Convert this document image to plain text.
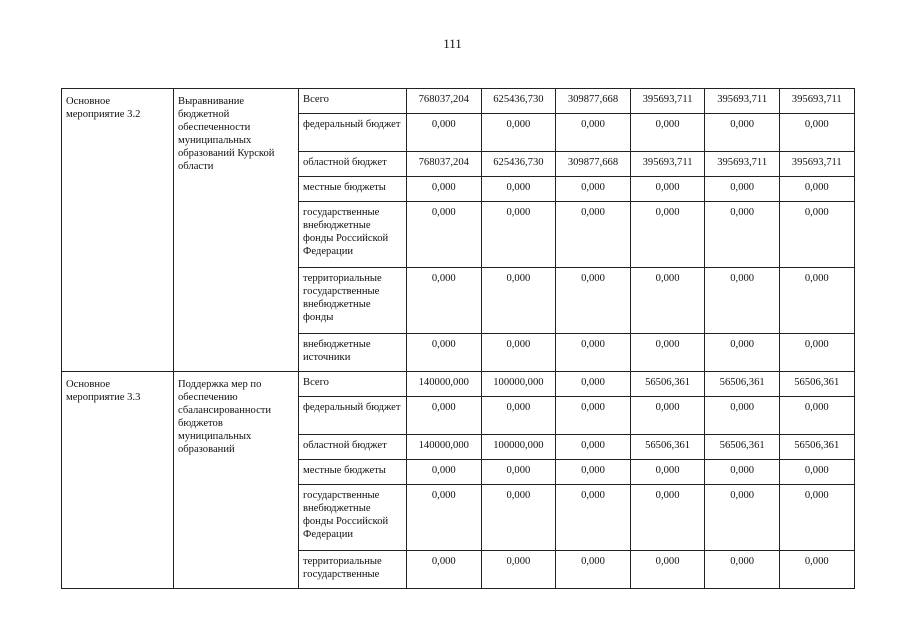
111
Основное мероприятие 3.2	Выравнивание бюджетной обеспеченности муниципальных образований Курской области	Всего	768037,204	625436,730	309877,668	395693,711	395693,711	395693,711
		федеральный бюджет	0,000	0,000	0,000	0,000	0,000	0,000
		областной бюджет	768037,204	625436,730	309877,668	395693,711	395693,711	395693,711
		местные бюджеты	0,000	0,000	0,000	0,000	0,000	0,000
		государственные внебюджетные фонды Российской Федерации	0,000	0,000	0,000	0,000	0,000	0,000
		территориальные государственные внебюджетные фонды	0,000	0,000	0,000	0,000	0,000	0,000
		внебюджетные источники	0,000	0,000	0,000	0,000	0,000	0,000
Основное мероприятие 3.3	Поддержка мер по обеспечению сбалансированности бюджетов муниципальных образований	Всего	140000,000	100000,000	0,000	56506,361	56506,361	56506,361
		федеральный бюджет	0,000	0,000	0,000	0,000	0,000	0,000
		областной бюджет	140000,000	100000,000	0,000	56506,361	56506,361	56506,361
		местные бюджеты	0,000	0,000	0,000	0,000	0,000	0,000
		государственные внебюджетные фонды Российской Федерации	0,000	0,000	0,000	0,000	0,000	0,000
		территориальные государственные	0,000	0,000	0,000	0,000	0,000	0,000
